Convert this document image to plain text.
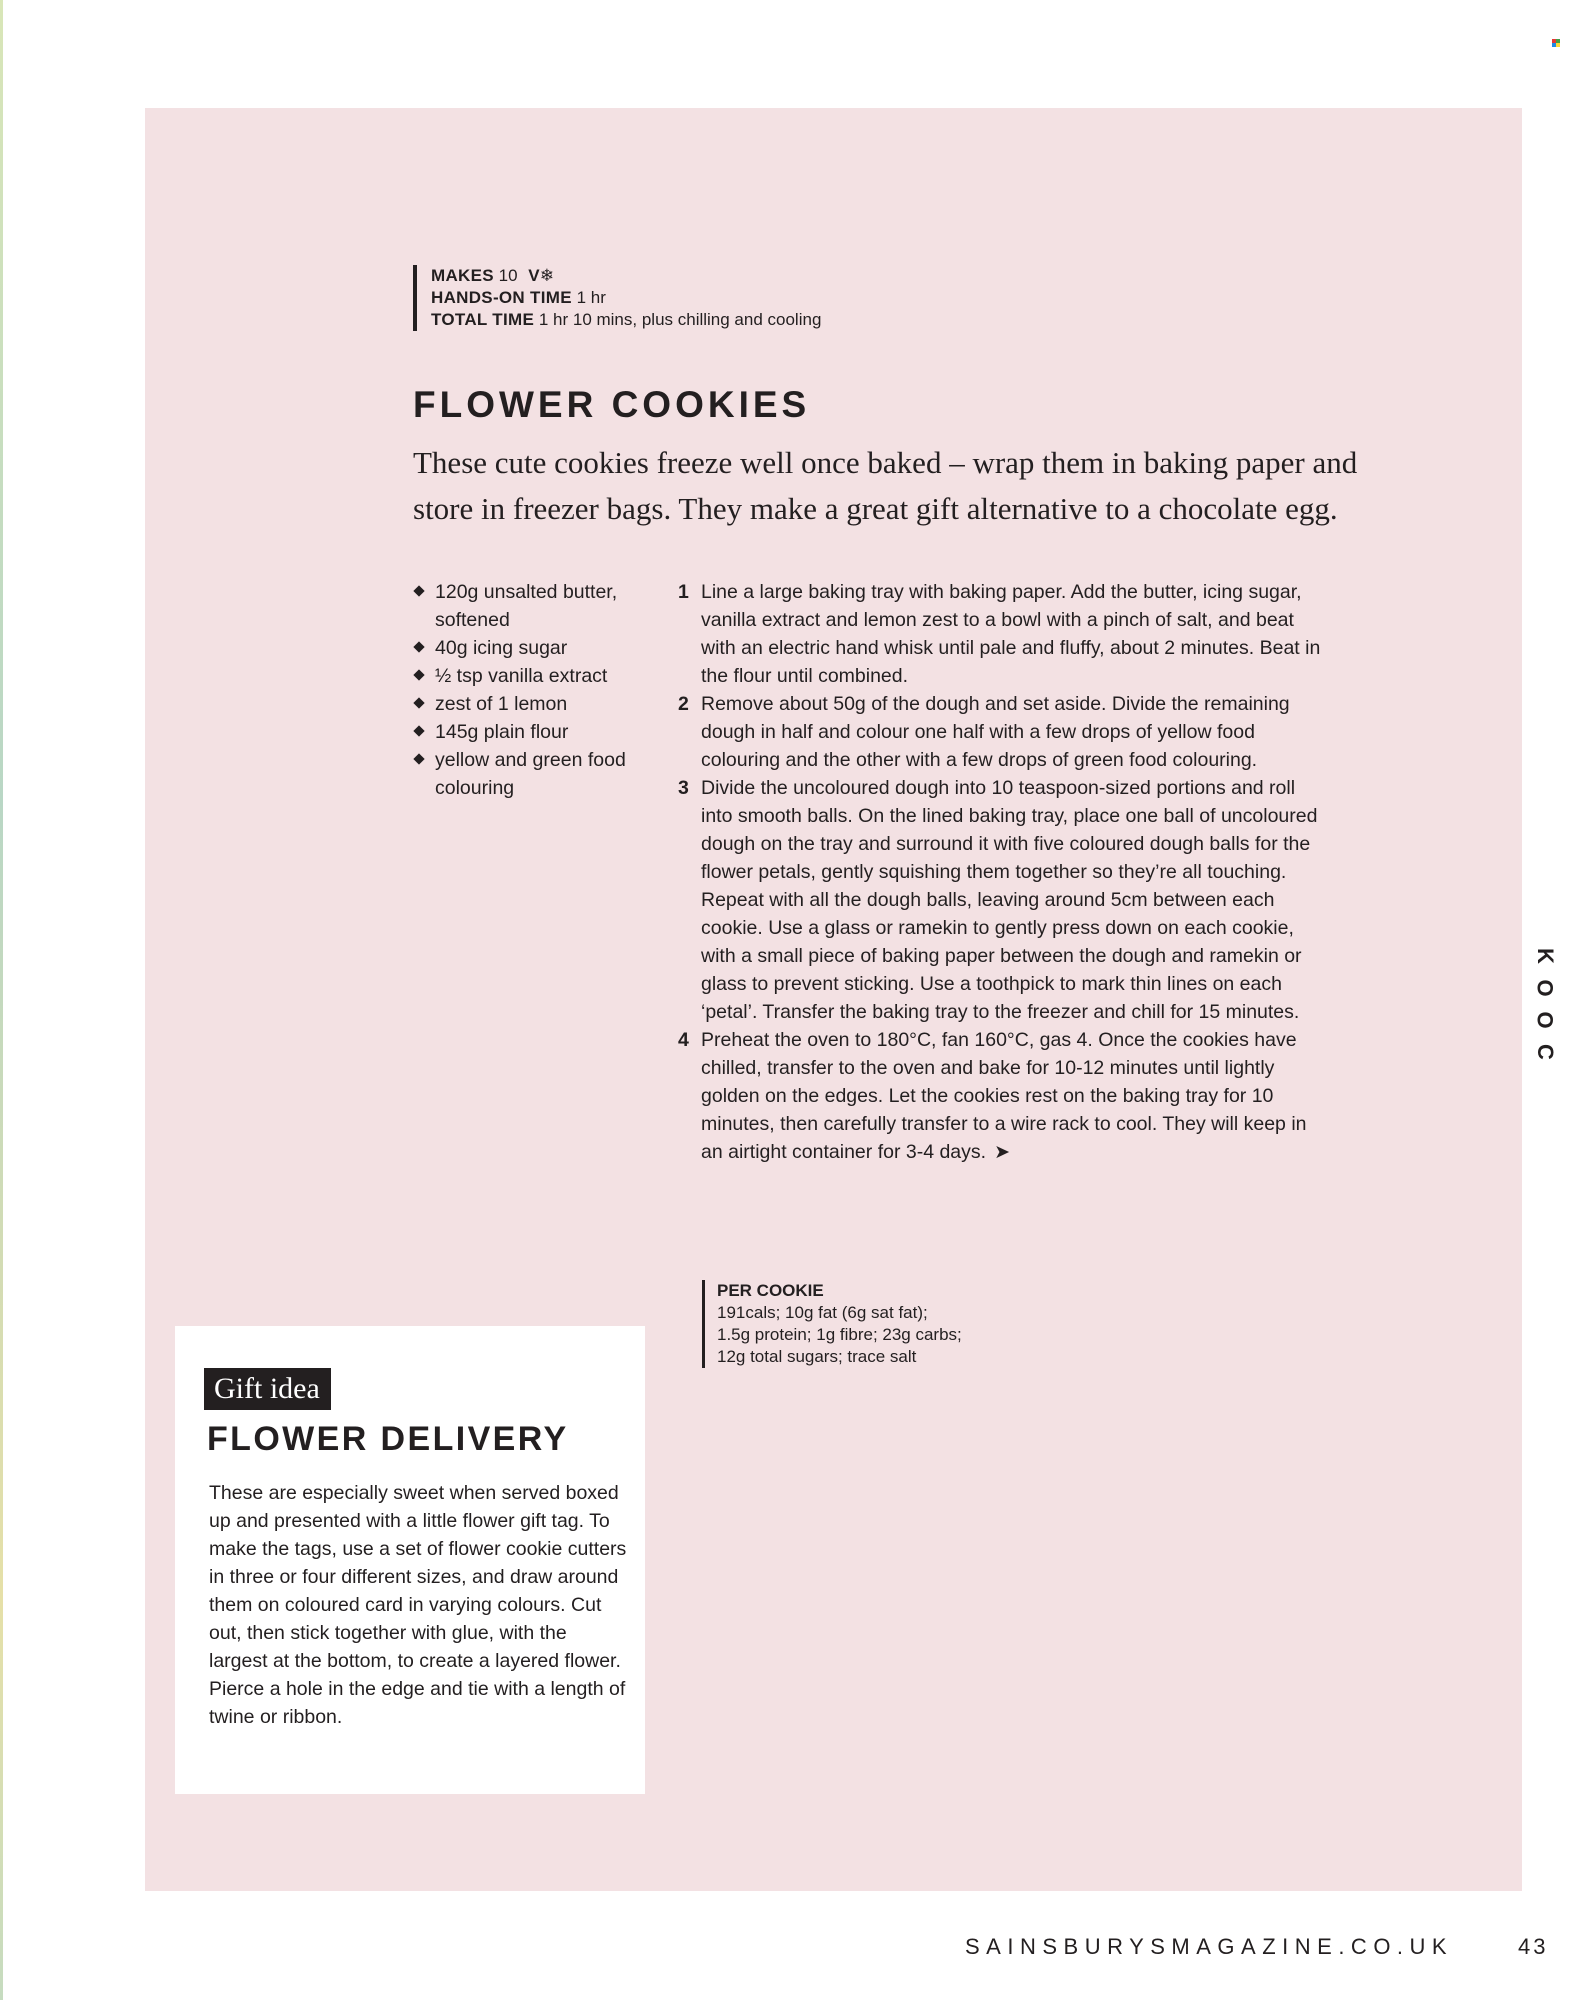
MAKES 10 V❄
HANDS-ON TIME 1 hr
TOTAL TIME 1 hr 10 mins, plus chilling and cooling
FLOWER COOKIES

These cute cookies freeze well once baked – wrap them in baking paper and store in freezer bags. They make a great gift alternative to a chocolate egg.

120g unsalted butter, softened
40g icing sugar
½ tsp vanilla extract
zest of 1 lemon
145g plain flour
yellow and green food colouring
1 Line a large baking tray with baking paper. Add the butter, icing sugar, vanilla extract and lemon zest to a bowl with a pinch of salt, and beat with an electric hand whisk until pale and fluffy, about 2 minutes. Beat in the flour until combined.
2 Remove about 50g of the dough and set aside. Divide the remaining dough in half and colour one half with a few drops of yellow food colouring and the other with a few drops of green food colouring.
3 Divide the uncoloured dough into 10 teaspoon-sized portions and roll into smooth balls. On the lined baking tray, place one ball of uncoloured dough on the tray and surround it with five coloured dough balls for the flower petals, gently squishing them together so they’re all touching. Repeat with all the dough balls, leaving around 5cm between each cookie. Use a glass or ramekin to gently press down on each cookie, with a small piece of baking paper between the dough and ramekin or glass to prevent sticking. Use a toothpick to mark thin lines on each ‘petal’. Transfer the baking tray to the freezer and chill for 15 minutes.
4 Preheat the oven to 180°C, fan 160°C, gas 4. Once the cookies have chilled, transfer to the oven and bake for 10-12 minutes until lightly golden on the edges. Let the cookies rest on the baking tray for 10 minutes, then carefully transfer to a wire rack to cool. They will keep in an airtight container for 3-4 days. ➤
PER COOKIE
191cals; 10g fat (6g sat fat);
1.5g protein; 1g fibre; 23g carbs;
12g total sugars; trace salt
Gift idea
FLOWER DELIVERY

These are especially sweet when served boxed up and presented with a little flower gift tag. To make the tags, use a set of flower cookie cutters in three or four different sizes, and draw around them on coloured card in varying colours. Cut out, then stick together with glue, with the largest at the bottom, to create a layered flower. Pierce a hole in the edge and tie with a length of twine or ribbon.

K
O
O
C
SAINSBURYSMAGAZINE.CO.UK	43
